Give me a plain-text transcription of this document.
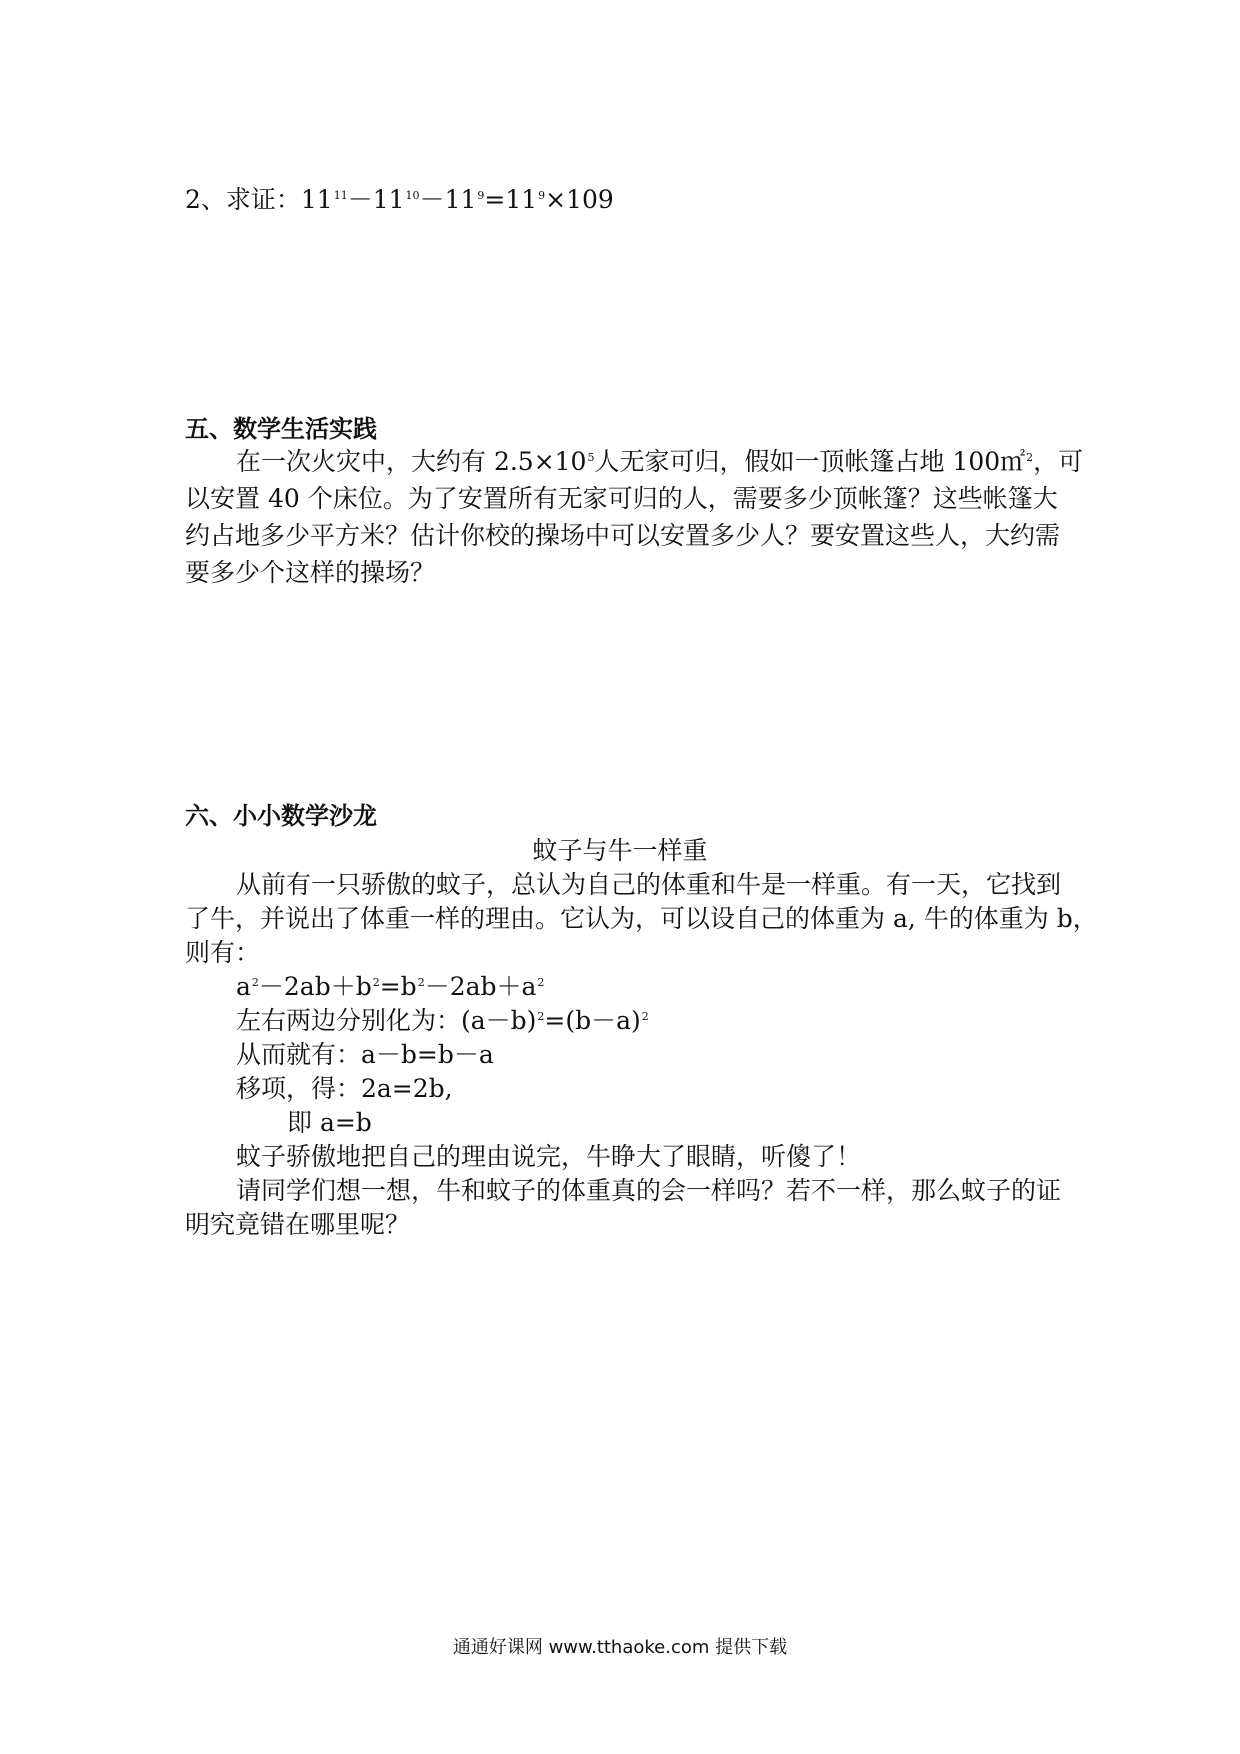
2、求证：$11^{11}-11^{10}-11^9=11^9\times 109$
五、数学生活实践
在一次火灾中，大约有 $2.5\times 10^5$人无家可归，假如一顶帐篷占地 100㎡$^2$，可
以安置 40 个床位。为了安置所有无家可归的人，需要多少顶帐篷？这些帐篷大
约占地多少平方米？估计你校的操场中可以安置多少人？要安置这些人，大约需
要多少个这样的操场？
六、小小数学沙龙
蚊子与牛一样重
从前有一只骄傲的蚊子，总认为自己的体重和牛是一样重。有一天，它找到
了牛，并说出了体重一样的理由。它认为，可以设自己的体重为 a, 牛的体重为 b，
则有：
$a^2-2ab+b^2=b^2-2ab+a^2$
左右两边分别化为：$(a-b)^2=(b-a)^2$
从而就有：a－b=b－a
移项，得：2a=2b,
即 a=b
蚊子骄傲地把自己的理由说完，牛睁大了眼睛，听傻了！
请同学们想一想，牛和蚊子的体重真的会一样吗？若不一样，那么蚊子的证
明究竟错在哪里呢？
通通好课网 www.tthaoke.com 提供下载
